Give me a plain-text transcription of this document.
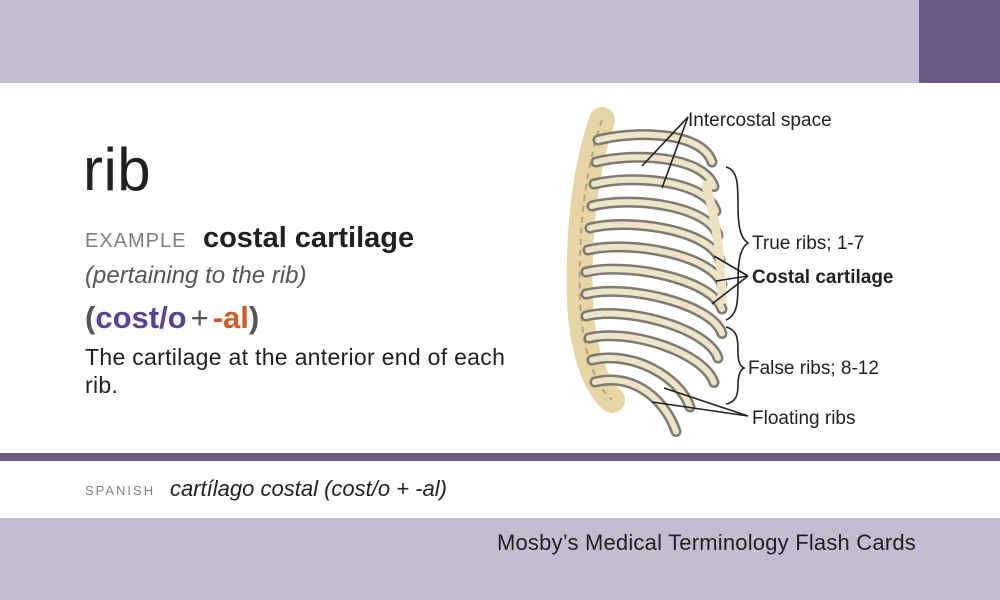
rib
EXAMPLE costal cartilage
(pertaining to the rib)
(cost/o + -al)
The cartilage at the anterior end of each rib.
Intercostal space
True ribs; 1-7
Costal cartilage
False ribs; 8-12
Floating ribs
SPANISH cartílago costal (cost/o + -al)
Mosby’s Medical Terminology Flash Cards
